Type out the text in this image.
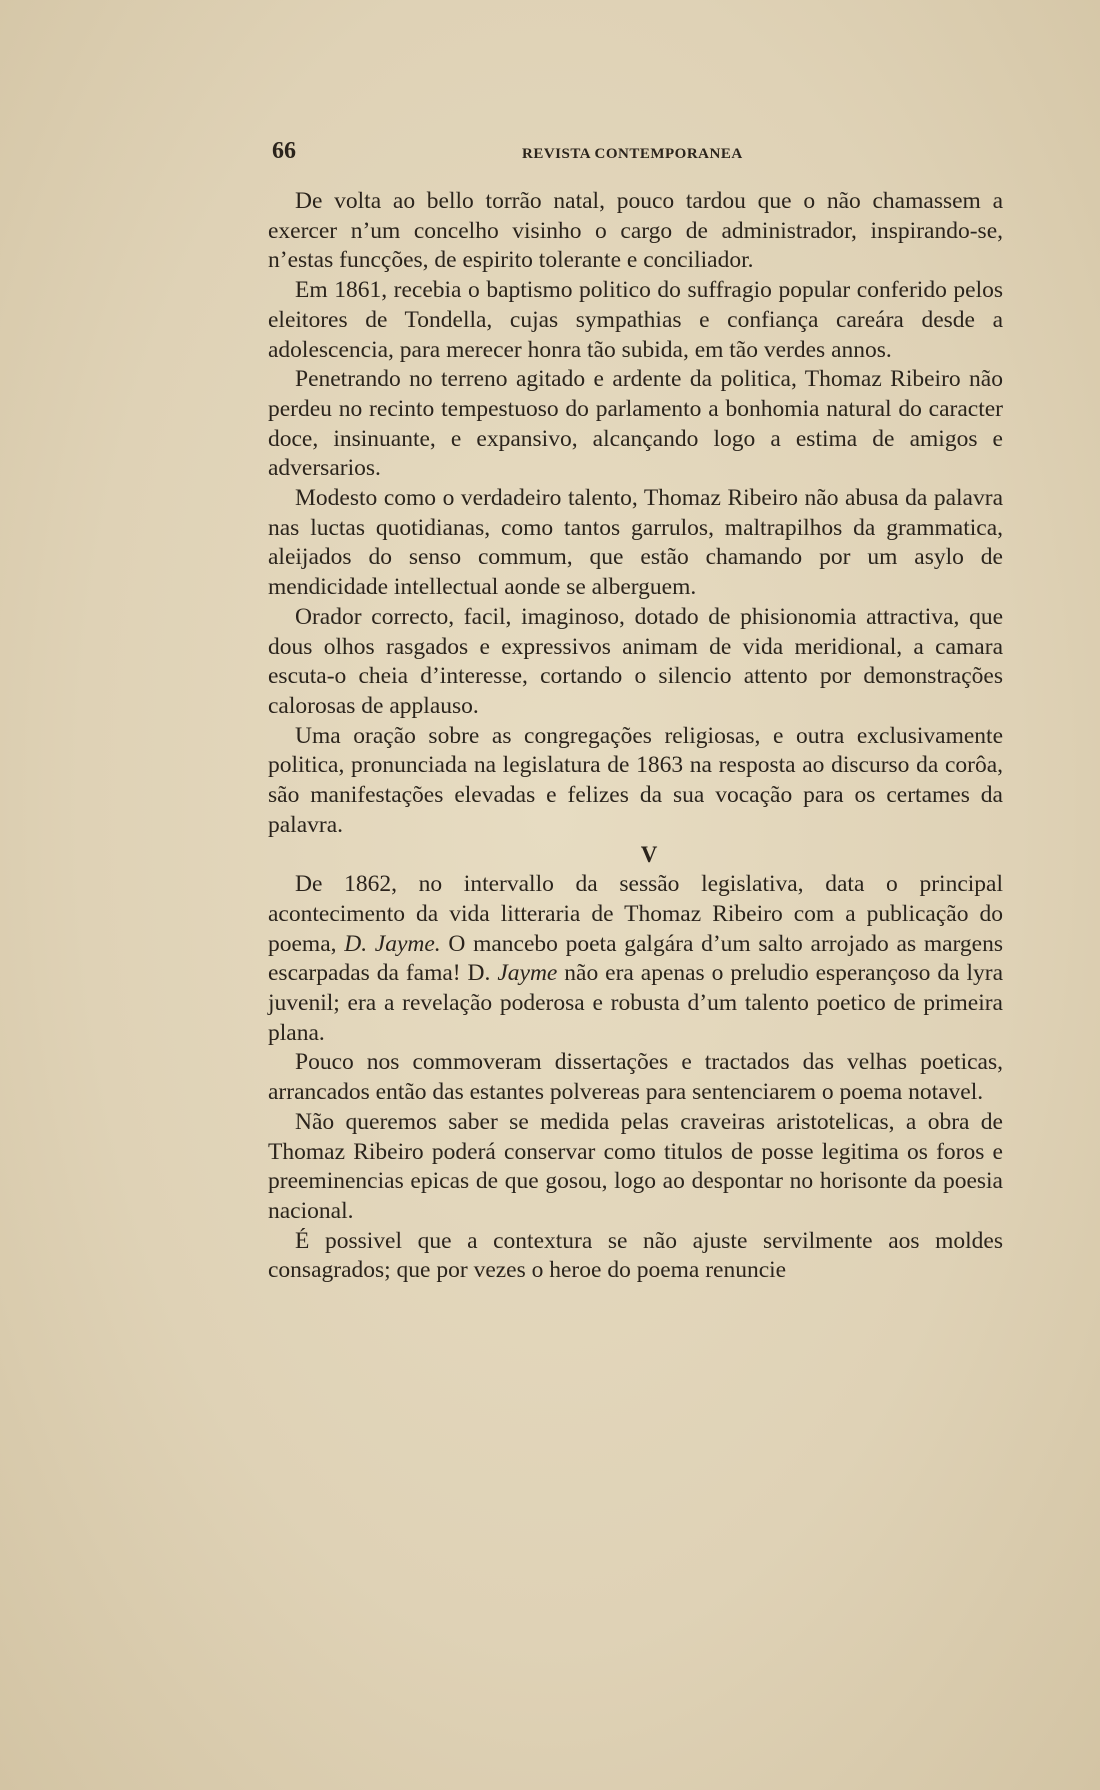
66	REVISTA CONTEMPORANEA

De volta ao bello torrão natal, pouco tardou que o não chamassem a exercer n’um concelho visinho o cargo de administrador, inspirando-se, n’estas funcções, de espirito tolerante e conciliador.

Em 1861, recebia o baptismo politico do suffragio popular conferido pelos eleitores de Tondella, cujas sympathias e confiança careára desde a adolescencia, para merecer honra tão subida, em tão verdes annos.

Penetrando no terreno agitado e ardente da politica, Thomaz Ribeiro não perdeu no recinto tempestuoso do parlamento a bonhomia natural do caracter doce, insinuante, e expansivo, alcançando logo a estima de amigos e adversarios.

Modesto como o verdadeiro talento, Thomaz Ribeiro não abusa da palavra nas luctas quotidianas, como tantos garrulos, maltrapilhos da grammatica, aleijados do senso commum, que estão chamando por um asylo de mendicidade intellectual aonde se alberguem.

Orador correcto, facil, imaginoso, dotado de phisionomia attractiva, que dous olhos rasgados e expressivos animam de vida meridional, a camara escuta-o cheia d’interesse, cortando o silencio attento por demonstrações calorosas de applauso.

Uma oração sobre as congregações religiosas, e outra exclusivamente politica, pronunciada na legislatura de 1863 na resposta ao discurso da corôa, são manifestações elevadas e felizes da sua vocação para os certames da palavra.

V

De 1862, no intervallo da sessão legislativa, data o principal acontecimento da vida litteraria de Thomaz Ribeiro com a publicação do poema, D. Jayme. O mancebo poeta galgára d’um salto arrojado as margens escarpadas da fama! D. Jayme não era apenas o preludio esperançoso da lyra juvenil; era a revelação poderosa e robusta d’um talento poetico de primeira plana.

Pouco nos commoveram dissertações e tractados das velhas poeticas, arrancados então das estantes polvereas para sentenciarem o poema notavel.

Não queremos saber se medida pelas craveiras aristotelicas, a obra de Thomaz Ribeiro poderá conservar como titulos de posse legitima os foros e preeminencias epicas de que gosou, logo ao despontar no horisonte da poesia nacional.

É possivel que a contextura se não ajuste servilmente aos moldes consagrados; que por vezes o heroe do poema renuncie
